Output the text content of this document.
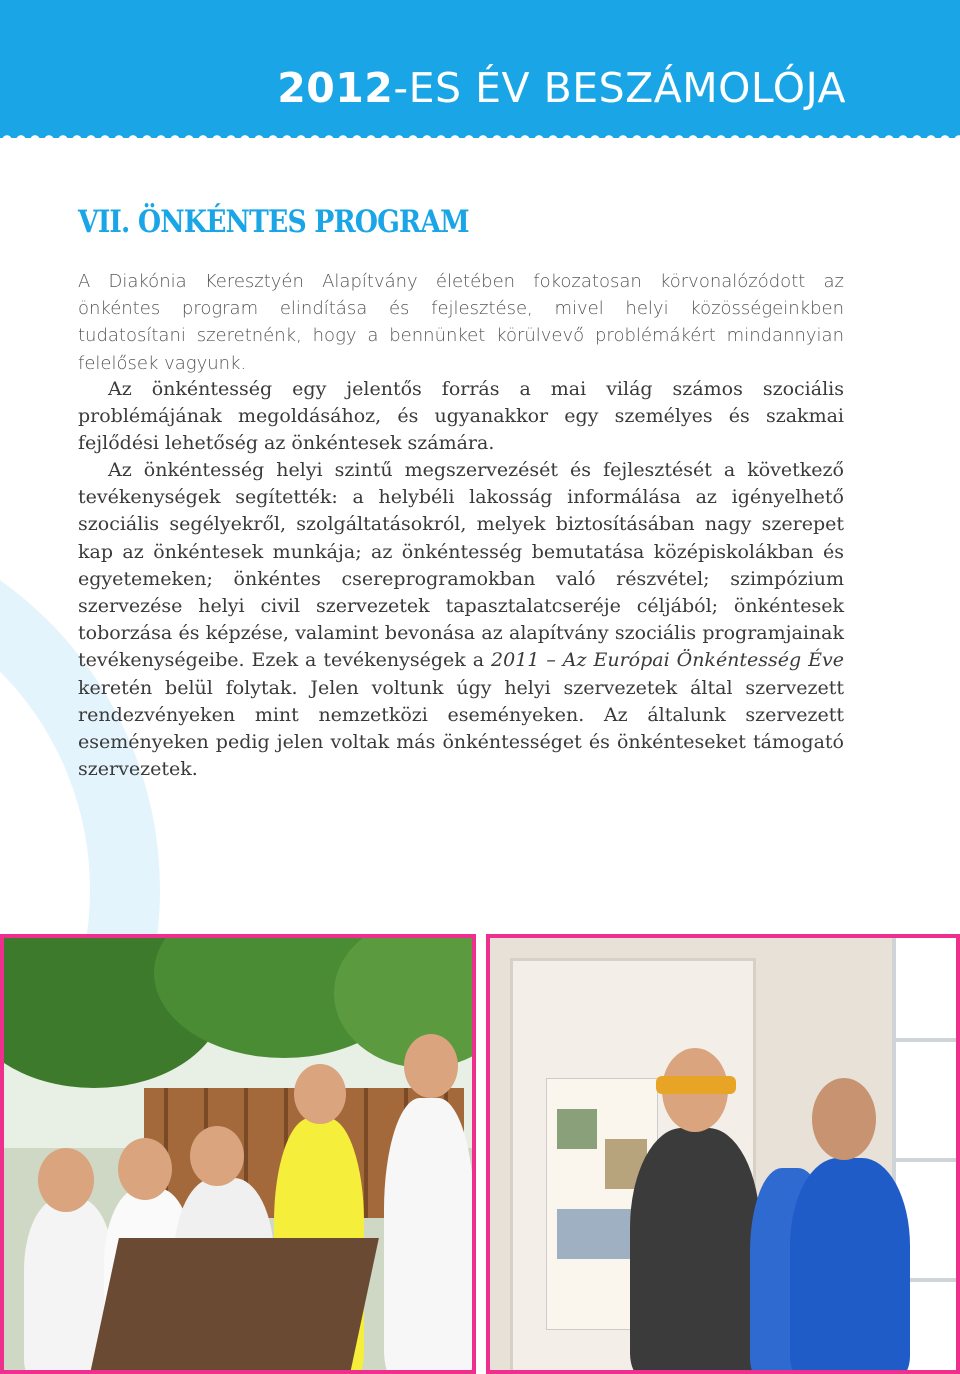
2012-ES ÉV BESZÁMOLÓJA
VII. ÖNKÉNTES PROGRAM
A Diakónia Keresztyén Alapítvány életében fokozatosan körvonalózódott az önkéntes program elindítása és fejlesztése, mivel helyi közösségeinkben tudatosítani szeretnénk, hogy a bennünket körülvevő problémákért mindannyian felelősek vagyunk.
Az önkéntesség egy jelentős forrás a mai világ számos szociális problémájának megoldásához, és ugyanakkor egy személyes és szakmai fejlődési lehetőség az önkéntesek számára.
Az önkéntesség helyi szintű megszervezését és fejlesztését a következő tevékenységek segítették: a helybéli lakosság informálása az igényelhető szociális segélyekről, szolgáltatásokról, melyek biztosításában nagy szerepet kap az önkéntesek munkája; az önkéntesség bemutatása középiskolákban és egyetemeken; önkéntes csereprogramokban való részvétel; szimpózium szervezése helyi civil szervezetek tapasztalatcseréje céljából; önkéntesek toborzása és képzése, valamint bevonása az alapítvány szociális programjainak tevékenységeibe. Ezek a tevékenységek a 2011 – Az Európai Önkéntesség Éve keretén belül folytak. Jelen voltunk úgy helyi szervezetek által szervezett rendezvényeken mint nemzetközi eseményeken. Az általunk szervezett eseményeken pedig jelen voltak más önkéntességet és önkénteseket támogató szervezetek.
